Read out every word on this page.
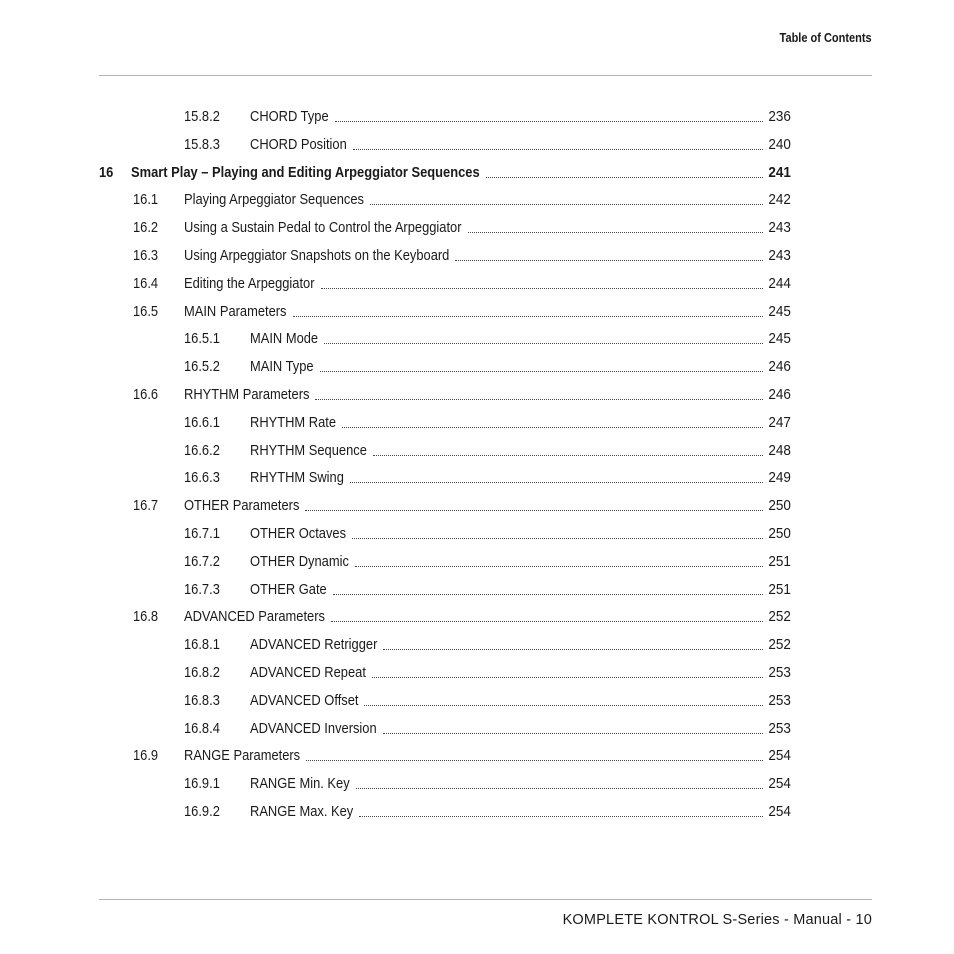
Table of Contents
15.8.2 CHORD Type	236
15.8.3 CHORD Position	240
16 Smart Play – Playing and Editing Arpeggiator Sequences	241
16.1 Playing Arpeggiator Sequences	242
16.2 Using a Sustain Pedal to Control the Arpeggiator	243
16.3 Using Arpeggiator Snapshots on the Keyboard	243
16.4 Editing the Arpeggiator	244
16.5 MAIN Parameters	245
16.5.1 MAIN Mode	245
16.5.2 MAIN Type	246
16.6 RHYTHM Parameters	246
16.6.1 RHYTHM Rate	247
16.6.2 RHYTHM Sequence	248
16.6.3 RHYTHM Swing	249
16.7 OTHER Parameters	250
16.7.1 OTHER Octaves	250
16.7.2 OTHER Dynamic	251
16.7.3 OTHER Gate	251
16.8 ADVANCED Parameters	252
16.8.1 ADVANCED Retrigger	252
16.8.2 ADVANCED Repeat	253
16.8.3 ADVANCED Offset	253
16.8.4 ADVANCED Inversion	253
16.9 RANGE Parameters	254
16.9.1 RANGE Min. Key	254
16.9.2 RANGE Max. Key	254
KOMPLETE KONTROL S-Series - Manual - 10
